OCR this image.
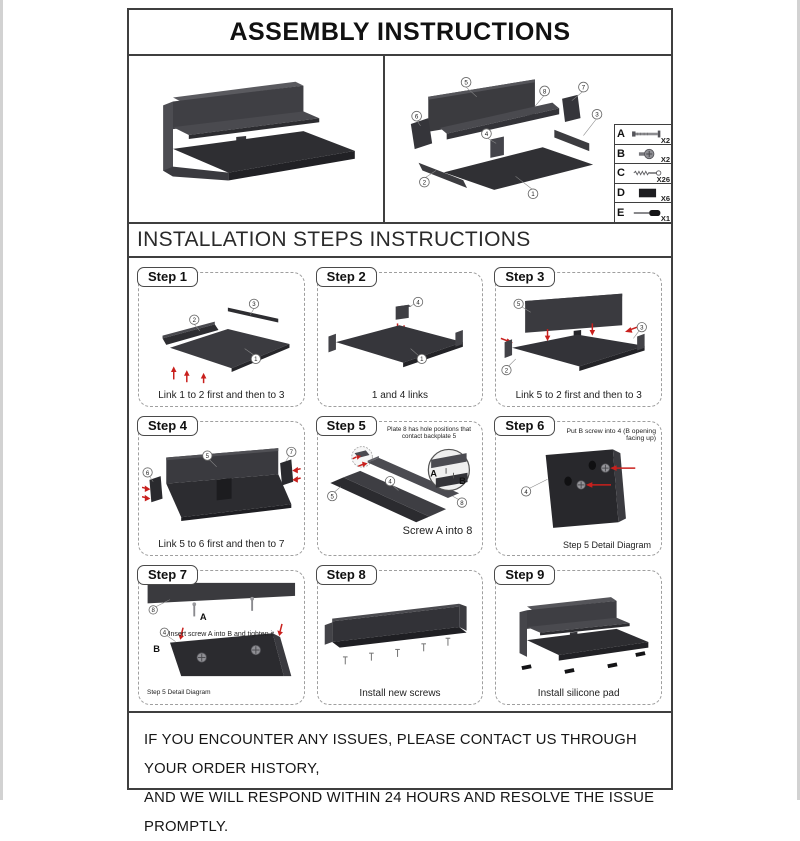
ASSEMBLY INSTRUCTIONS
5
8
7
6
4
3
2
1
A	X2
B	X2
C	X26
D	X6
E	X1
INSTALLATION STEPS INSTRUCTIONS
Step 1
2
3
1
Link 1 to 2 first and then to 3
Step 2
4
1
1 and 4 links
Step 3
5
2
3
Link 5 to 2 first and then to 3
Step 4
6
5
7
Link 5 to 6 first and then to 7
Step 5	Plate 8 has hole positions that contact backplate 5
4
5
8
A
B
Screw A into 8
Step 6	Put B screw into 4 (B opening facing up)
4
Step 5 Detail Diagram
Step 7
Insert screw A into B and tighten it
8
A
4
B
Step 5 Detail Diagram
Step 8
Install new screws
Step 9
Install silicone pad

IF YOU ENCOUNTER ANY ISSUES, PLEASE CONTACT US THROUGH YOUR ORDER HISTORY,

AND WE WILL RESPOND WITHIN 24 HOURS AND RESOLVE THE ISSUE PROMPTLY.
